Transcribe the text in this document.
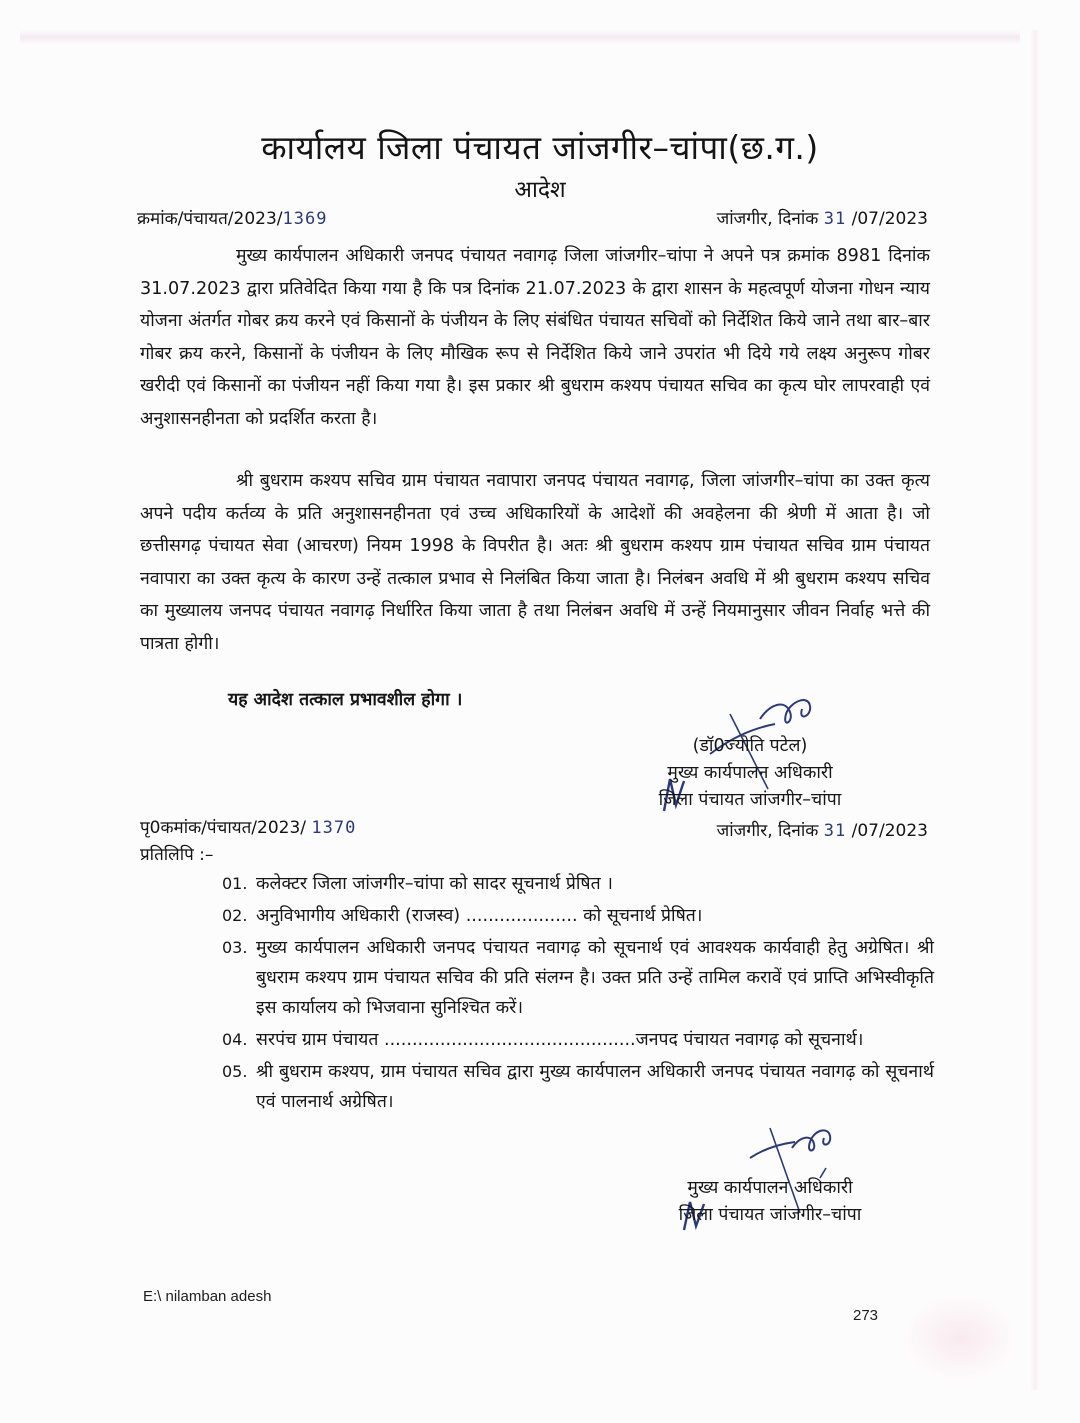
कार्यालय जिला पंचायत जांजगीर–चांपा(छ.ग.)
आदेश
क्रमांक/पंचायत/2023/1369	जांजगीर, दिनांक 31 /07/2023
मुख्य कार्यपालन अधिकारी जनपद पंचायत नवागढ़ जिला जांजगीर–चांपा ने अपने पत्र क्रमांक 8981 दिनांक 31.07.2023 द्वारा प्रतिवेदित किया गया है कि पत्र दिनांक 21.07.2023 के द्वारा शासन के महत्वपूर्ण योजना गोधन न्याय योजना अंतर्गत गोबर क्रय करने एवं किसानों के पंजीयन के लिए संबंधित पंचायत सचिवों को निर्देशित किये जाने तथा बार–बार गोबर क्रय करने, किसानों के पंजीयन के लिए मौखिक रूप से निर्देशित किये जाने उपरांत भी दिये गये लक्ष्य अनुरूप गोबर खरीदी एवं किसानों का पंजीयन नहीं किया गया है। इस प्रकार श्री बुधराम कश्यप पंचायत सचिव का कृत्य घोर लापरवाही एवं अनुशासनहीनता को प्रदर्शित करता है।
श्री बुधराम कश्यप सचिव ग्राम पंचायत नवापारा जनपद पंचायत नवागढ़, जिला जांजगीर–चांपा का उक्त कृत्य अपने पदीय कर्तव्य के प्रति अनुशासनहीनता एवं उच्च अधिकारियों के आदेशों की अवहेलना की श्रेणी में आता है। जो छत्तीसगढ़ पंचायत सेवा (आचरण) नियम 1998 के विपरीत है। अतः श्री बुधराम कश्यप ग्राम पंचायत सचिव ग्राम पंचायत नवापारा का उक्त कृत्य के कारण उन्हें तत्काल प्रभाव से निलंबित किया जाता है। निलंबन अवधि में श्री बुधराम कश्यप सचिव का मुख्यालय जनपद पंचायत नवागढ़ निर्धारित किया जाता है तथा निलंबन अवधि में उन्हें नियमानुसार जीवन निर्वाह भत्ते की पात्रता होगी।
यह आदेश तत्काल प्रभावशील होगा ।
(डॉ0ज्योति पटेल)
मुख्य कार्यपालन अधिकारी
जिला पंचायत जांजगीर–चांपा
पृ0कमांक/पंचायत/2023/ 1370	जांजगीर, दिनांक 31 /07/2023
प्रतिलिपि :–
01. कलेक्टर जिला जांजगीर–चांपा को सादर सूचनार्थ प्रेषित ।
02. अनुविभागीय अधिकारी (राजस्व) .................... को सूचनार्थ प्रेषित।
03. मुख्य कार्यपालन अधिकारी जनपद पंचायत नवागढ़ को सूचनार्थ एवं आवश्यक कार्यवाही हेतु अग्रेषित। श्री बुधराम कश्यप ग्राम पंचायत सचिव की प्रति संलग्न है। उक्त प्रति उन्हें तामिल करावें एवं प्राप्ति अभिस्वीकृति इस कार्यालय को भिजवाना सुनिश्चित करें।
04. सरपंच ग्राम पंचायत .............................................जनपद पंचायत नवागढ़ को सूचनार्थ।
05. श्री बुधराम कश्यप, ग्राम पंचायत सचिव द्वारा मुख्य कार्यपालन अधिकारी जनपद पंचायत नवागढ़ को सूचनार्थ एवं पालनार्थ अग्रेषित।
मुख्य कार्यपालन अधिकारी
जिला पंचायत जांजगीर–चांपा
E:\ nilamban adesh
273
